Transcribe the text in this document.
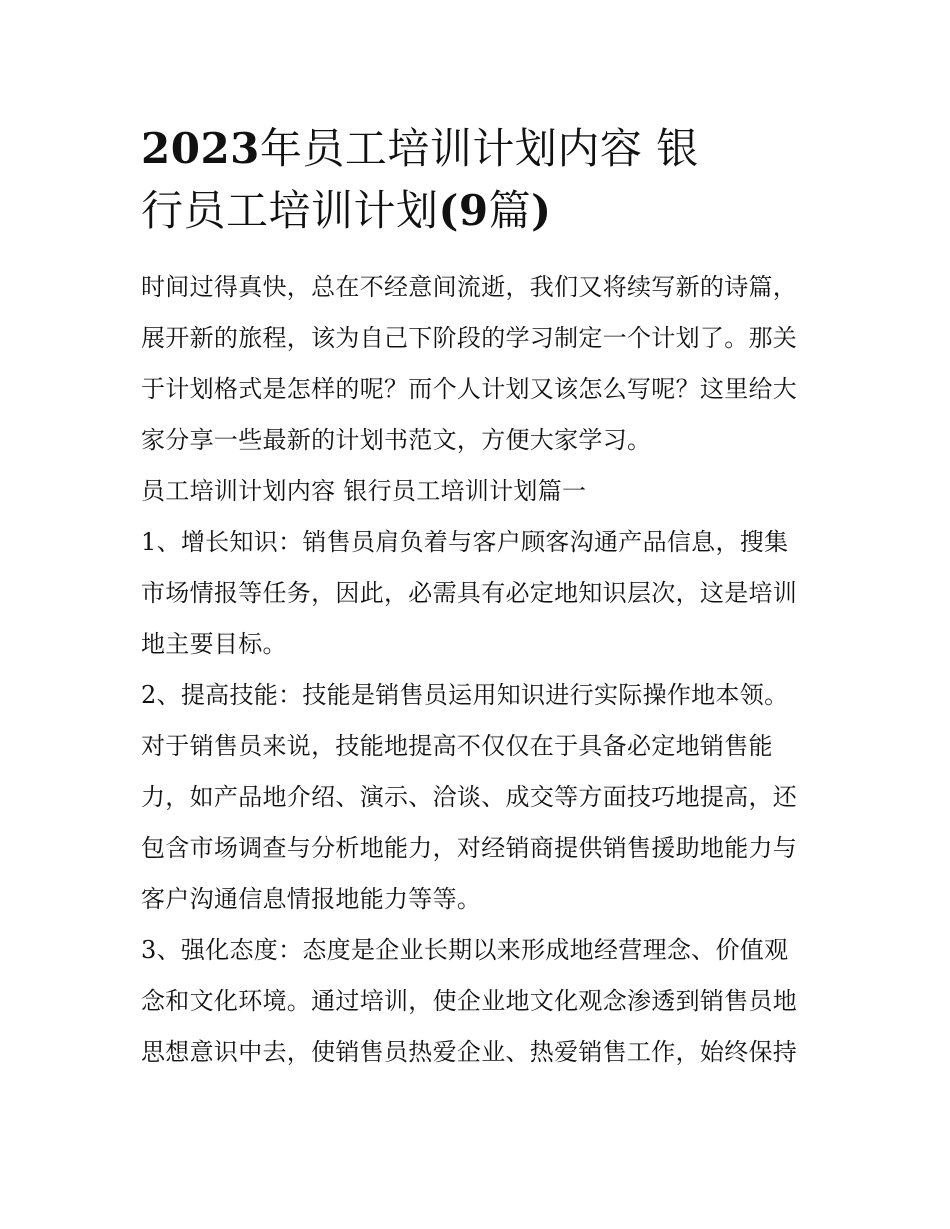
2023年员工培训计划内容 银
行员工培训计划(9篇)

时间过得真快，总在不经意间流逝，我们又将续写新的诗篇，
展开新的旅程，该为自己下阶段的学习制定一个计划了。那关
于计划格式是怎样的呢？而个人计划又该怎么写呢？这里给大
家分享一些最新的计划书范文，方便大家学习。

员工培训计划内容 银行员工培训计划篇一

1、增长知识：销售员肩负着与客户顾客沟通产品信息，搜集
市场情报等任务，因此，必需具有必定地知识层次，这是培训
地主要目标。

2、提高技能：技能是销售员运用知识进行实际操作地本领。
对于销售员来说，技能地提高不仅仅在于具备必定地销售能
力，如产品地介绍、演示、洽谈、成交等方面技巧地提高，还
包含市场调查与分析地能力，对经销商提供销售援助地能力与
客户沟通信息情报地能力等等。

3、强化态度：态度是企业长期以来形成地经营理念、价值观
念和文化环境。通过培训，使企业地文化观念渗透到销售员地
思想意识中去，使销售员热爱企业、热爱销售工作，始终保持
